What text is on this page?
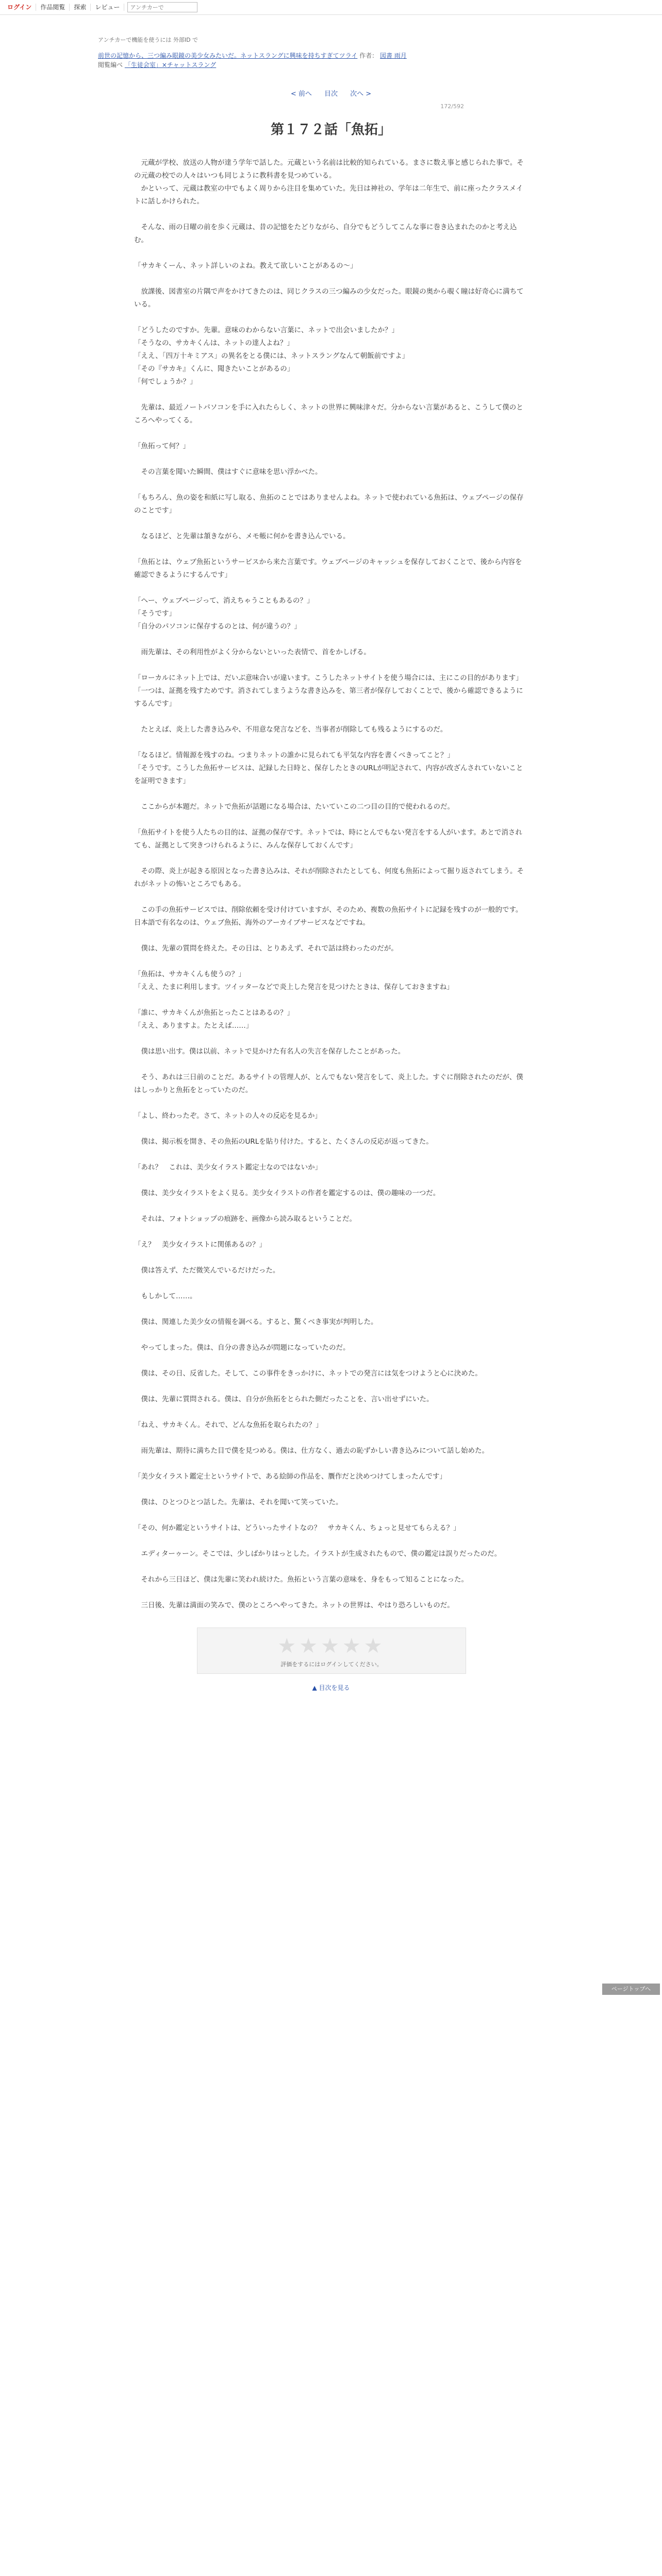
ログイン	作品閲覧	探索	レビュー
アンチカーで
アンチカーで機能を使うには 外部ID で
前世の記憶から、三つ編み眼鏡の美少女みたいだ。ネットスラングに興味を持ちすぎてツライ 作者： 図書 雨月
閲覧編べ 「生徒会室」×チャットスラング
< 前へ 目次 次へ >
172/592
第１７２話「魚拓」

　元蔵が学校、放送の人物が達う学年で話した。元蔵という名前は比較的知られている。まさに数え事と感じられた事で。その元蔵の校での人々はいつも同じように教科書を見つめている。

　かといって、元蔵は教室の中でもよく周りから注目を集めていた。先日は神社の、学年は二年生で、前に座ったクラスメイトに話しかけられた。

　そんな、雨の日曜の前を歩く元蔵は、昔の記憶をたどりながら、自分でもどうしてこんな事に巻き込まれたのかと考え込む。

「サカキくーん、ネット詳しいのよね。教えて欲しいことがあるの～」

　放課後、図書室の片隅で声をかけてきたのは、同じクラスの三つ編みの少女だった。眼鏡の奥から覗く瞳は好奇心に満ちている。

「どうしたのですか。先輩。意味のわからない言葉に、ネットで出会いましたか？」

「そうなの、サカキくんは、ネットの達人よね？」

「ええ、「四万十キミアス」の異名をとる僕には、ネットスラングなんて朝飯前ですよ」

「その『サカキ』くんに、聞きたいことがあるの」

「何でしょうか？」

　先輩は、最近ノートパソコンを手に入れたらしく、ネットの世界に興味津々だ。分からない言葉があると、こうして僕のところへやってくる。

「魚拓って何？」

　その言葉を聞いた瞬間、僕はすぐに意味を思い浮かべた。

「もちろん、魚の姿を和紙に写し取る、魚拓のことではありませんよね。ネットで使われている魚拓は、ウェブページの保存のことです」

　なるほど、と先輩は頷きながら、メモ帳に何かを書き込んでいる。

「魚拓とは、ウェブ魚拓というサービスから来た言葉です。ウェブページのキャッシュを保存しておくことで、後から内容を確認できるようにするんです」

「へー、ウェブページって、消えちゃうこともあるの？」

「そうです」

「自分のパソコンに保存するのとは、何が違うの？」

　雨先輩は、その利用性がよく分からないといった表情で、首をかしげる。

「ローカルにネット上では、だいぶ意味合いが違います。こうしたネットサイトを使う場合には、主にこの目的があります」

「一つは、証拠を残すためです。消されてしまうような書き込みを、第三者が保存しておくことで、後から確認できるようにするんです」

　たとえば、炎上した書き込みや、不用意な発言などを、当事者が削除しても残るようにするのだ。

「なるほど。情報源を残すのね。つまりネットの誰かに見られても平気な内容を書くべきってこと？」

「そうです。こうした魚拓サービスは、記録した日時と、保存したときのURLが明記されて、内容が改ざんされていないことを証明できます」

　ここからが本題だ。ネットで魚拓が話題になる場合は、たいていこの二つ目の目的で使われるのだ。

「魚拓サイトを使う人たちの目的は、証拠の保存です。ネットでは、時にとんでもない発言をする人がいます。あとで消されても、証拠として突きつけられるように、みんな保存しておくんです」

　その際、炎上が起きる原因となった書き込みは、それが削除されたとしても、何度も魚拓によって掘り返されてしまう。それがネットの怖いところでもある。

　この手の魚拓サービスでは、削除依頼を受け付けていますが、そのため、複数の魚拓サイトに記録を残すのが一般的です。日本語で有名なのは、ウェブ魚拓、海外のアーカイブサービスなどですね。

　僕は、先輩の質問を終えた。その日は、とりあえず、それで話は終わったのだが。

「魚拓は、サカキくんも使うの？」

「ええ、たまに利用します。ツイッターなどで炎上した発言を見つけたときは、保存しておきますね」

「誰に、サカキくんが魚拓とったことはあるの？」

「ええ、ありますよ。たとえば……」

　僕は思い出す。僕は以前、ネットで見かけた有名人の失言を保存したことがあった。

　そう、あれは三日前のことだ。あるサイトの管理人が、とんでもない発言をして、炎上した。すぐに削除されたのだが、僕はしっかりと魚拓をとっていたのだ。

「よし、終わったぞ。さて、ネットの人々の反応を見るか」

　僕は、掲示板を開き、その魚拓のURLを貼り付けた。すると、たくさんの反応が返ってきた。

「あれ？　これは、美少女イラスト鑑定士なのではないか」

　僕は、美少女イラストをよく見る。美少女イラストの作者を鑑定するのは、僕の趣味の一つだ。

　それは、フォトショップの痕跡を、画像から読み取るということだ。

「え？　美少女イラストに関係あるの？」

　僕は答えず、ただ微笑んでいるだけだった。

　もしかして……。

　僕は、関連した美少女の情報を調べる。すると、驚くべき事実が判明した。

　やってしまった。僕は、自分の書き込みが問題になっていたのだ。

　僕は、その日、反省した。そして、この事件をきっかけに、ネットでの発言には気をつけようと心に決めた。

　僕は、先輩に質問される。僕は、自分が魚拓をとられた側だったことを、言い出せずにいた。

「ねえ、サカキくん。それで、どんな魚拓を取られたの？」

　雨先輩は、期待に満ちた目で僕を見つめる。僕は、仕方なく、過去の恥ずかしい書き込みについて話し始めた。

「美少女イラスト鑑定士というサイトで、ある絵師の作品を、贋作だと決めつけてしまったんです」

　僕は、ひとつひとつ話した。先輩は、それを聞いて笑っていた。

「その、何か鑑定というサイトは、どういったサイトなの？　サカキくん、ちょっと見せてもらえる？」

　エディターゥーン。そこでは、少しばかりはっとした。イラストが生成されたもので、僕の鑑定は誤りだったのだ。

　それから三日ほど、僕は先輩に笑われ続けた。魚拓という言葉の意味を、身をもって知ることになった。

　三日後、先輩は満面の笑みで、僕のところへやってきた。ネットの世界は、やはり恐ろしいものだ。

ページトップへ
★★★★★
評価をするにはログインしてください。
▲ 目次を見る
